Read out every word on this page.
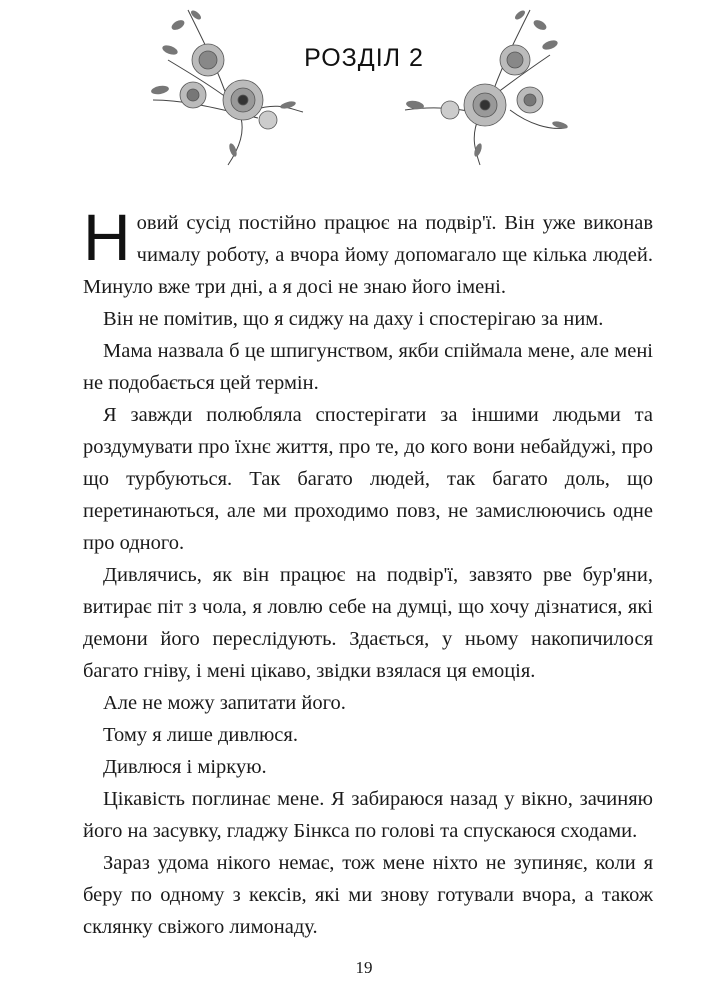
РОЗДІЛ 2

Новий сусід постійно працює на подвір'ї. Він уже виконав чималу роботу, а вчора йому допомагало ще кілька людей. Минуло вже три дні, а я досі не знаю його імені.

Він не помітив, що я сиджу на даху і спостерігаю за ним.

Мама назвала б це шпигунством, якби спіймала мене, але мені не подобається цей термін.

Я завжди полюбляла спостерігати за іншими людьми та роздумувати про їхнє життя, про те, до кого вони небайдужі, про що турбуються. Так багато людей, так багато доль, що перетинаються, але ми проходимо повз, не замислюючись одне про одного.

Дивлячись, як він працює на подвір'ї, завзято рве бур'яни, витирає піт з чола, я ловлю себе на думці, що хочу дізнатися, які демони його переслідують. Здається, у ньому накопичилося багато гніву, і мені цікаво, звідки взялася ця емоція.

Але не можу запитати його.

Тому я лише дивлюся.

Дивлюся і міркую.

Цікавість поглинає мене. Я забираюся назад у вікно, зачиняю його на засувку, гладжу Бінкса по голові та спускаюся сходами.

Зараз удома нікого немає, тож мене ніхто не зупиняє, коли я беру по одному з кексів, які ми знову готували вчора, а також склянку свіжого лимонаду.

19
